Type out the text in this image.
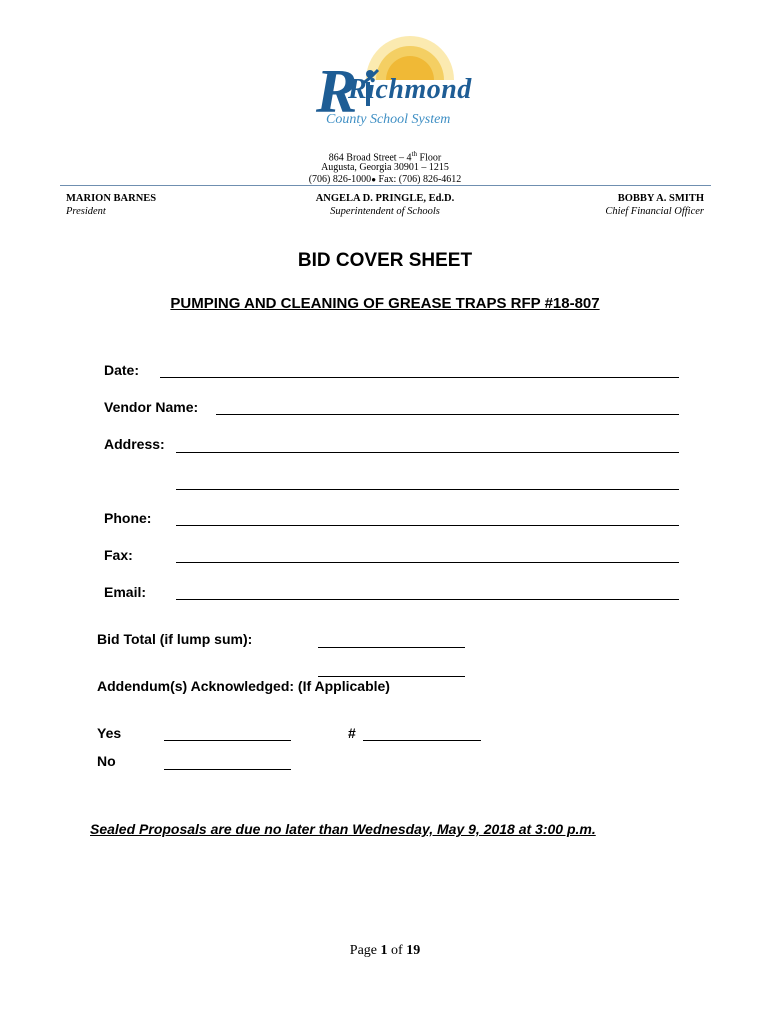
R
Richmond
County School System
864 Broad Street – 4th Floor
Augusta, Georgia 30901 – 1215
(706) 826-1000● Fax: (706) 826-4612
MARION BARNES
President
ANGELA D. PRINGLE, Ed.D.
Superintendent of Schools
BOBBY A. SMITH
Chief Financial Officer
BID COVER SHEET
PUMPING AND CLEANING OF GREASE TRAPS RFP #18-807
Date:
Vendor Name:
Address:
Phone:
Fax:
Email:
Bid Total (if lump sum):
Addendum(s) Acknowledged: (If Applicable)
Yes	#
No
Sealed Proposals are due no later than Wednesday, May 9, 2018 at 3:00 p.m.
Page 1 of 19
